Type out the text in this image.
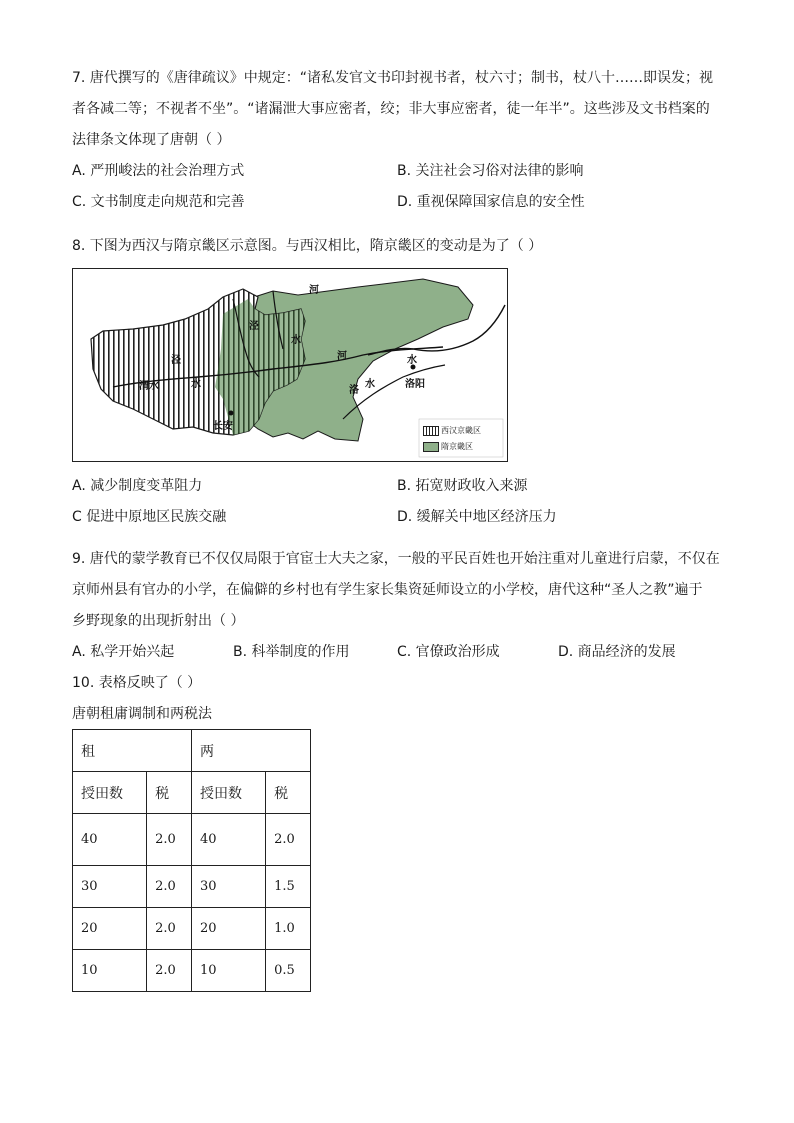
7. 唐代撰写的《唐律疏议》中规定：“诸私发官文书印封视书者，杖六寸；制书，杖八十……即误发；视
者各减二等；不视者不坐”。“诸漏泄大事应密者，绞；非大事应密者，徒一年半”。这些涉及文书档案的
法律条文体现了唐朝（ ）
A. 严刑峻法的社会治理方式	B. 关注社会习俗对法律的影响
C. 文书制度走向规范和完善	D. 重视保障国家信息的安全性
8. 下图为西汉与隋京畿区示意图。与西汉相比，隋京畿区的变动是为了（ ）
河
泾
水
泾
渭水	水
长安
河	水
洛
水	洛阳
西汉京畿区
隋京畿区
A. 减少制度变革阻力	B. 拓宽财政收入来源
C 促进中原地区民族交融	D. 缓解关中地区经济压力
9. 唐代的蒙学教育已不仅仅局限于官宦士大夫之家，一般的平民百姓也开始注重对儿童进行启蒙，不仅在
京师州县有官办的小学，在偏僻的乡村也有学生家长集资延师设立的小学校，唐代这种“圣人之教”遍于
乡野现象的出现折射出（ ）
A. 私学开始兴起	B. 科举制度的作用	C. 官僚政治形成	D. 商品经济的发展
10. 表格反映了（ ）
唐朝租庸调制和两税法
租		两	
授田数	税	授田数	税
40	2.0	40	2.0
30	2.0	30	1.5
20	2.0	20	1.0
10	2.0	10	0.5
